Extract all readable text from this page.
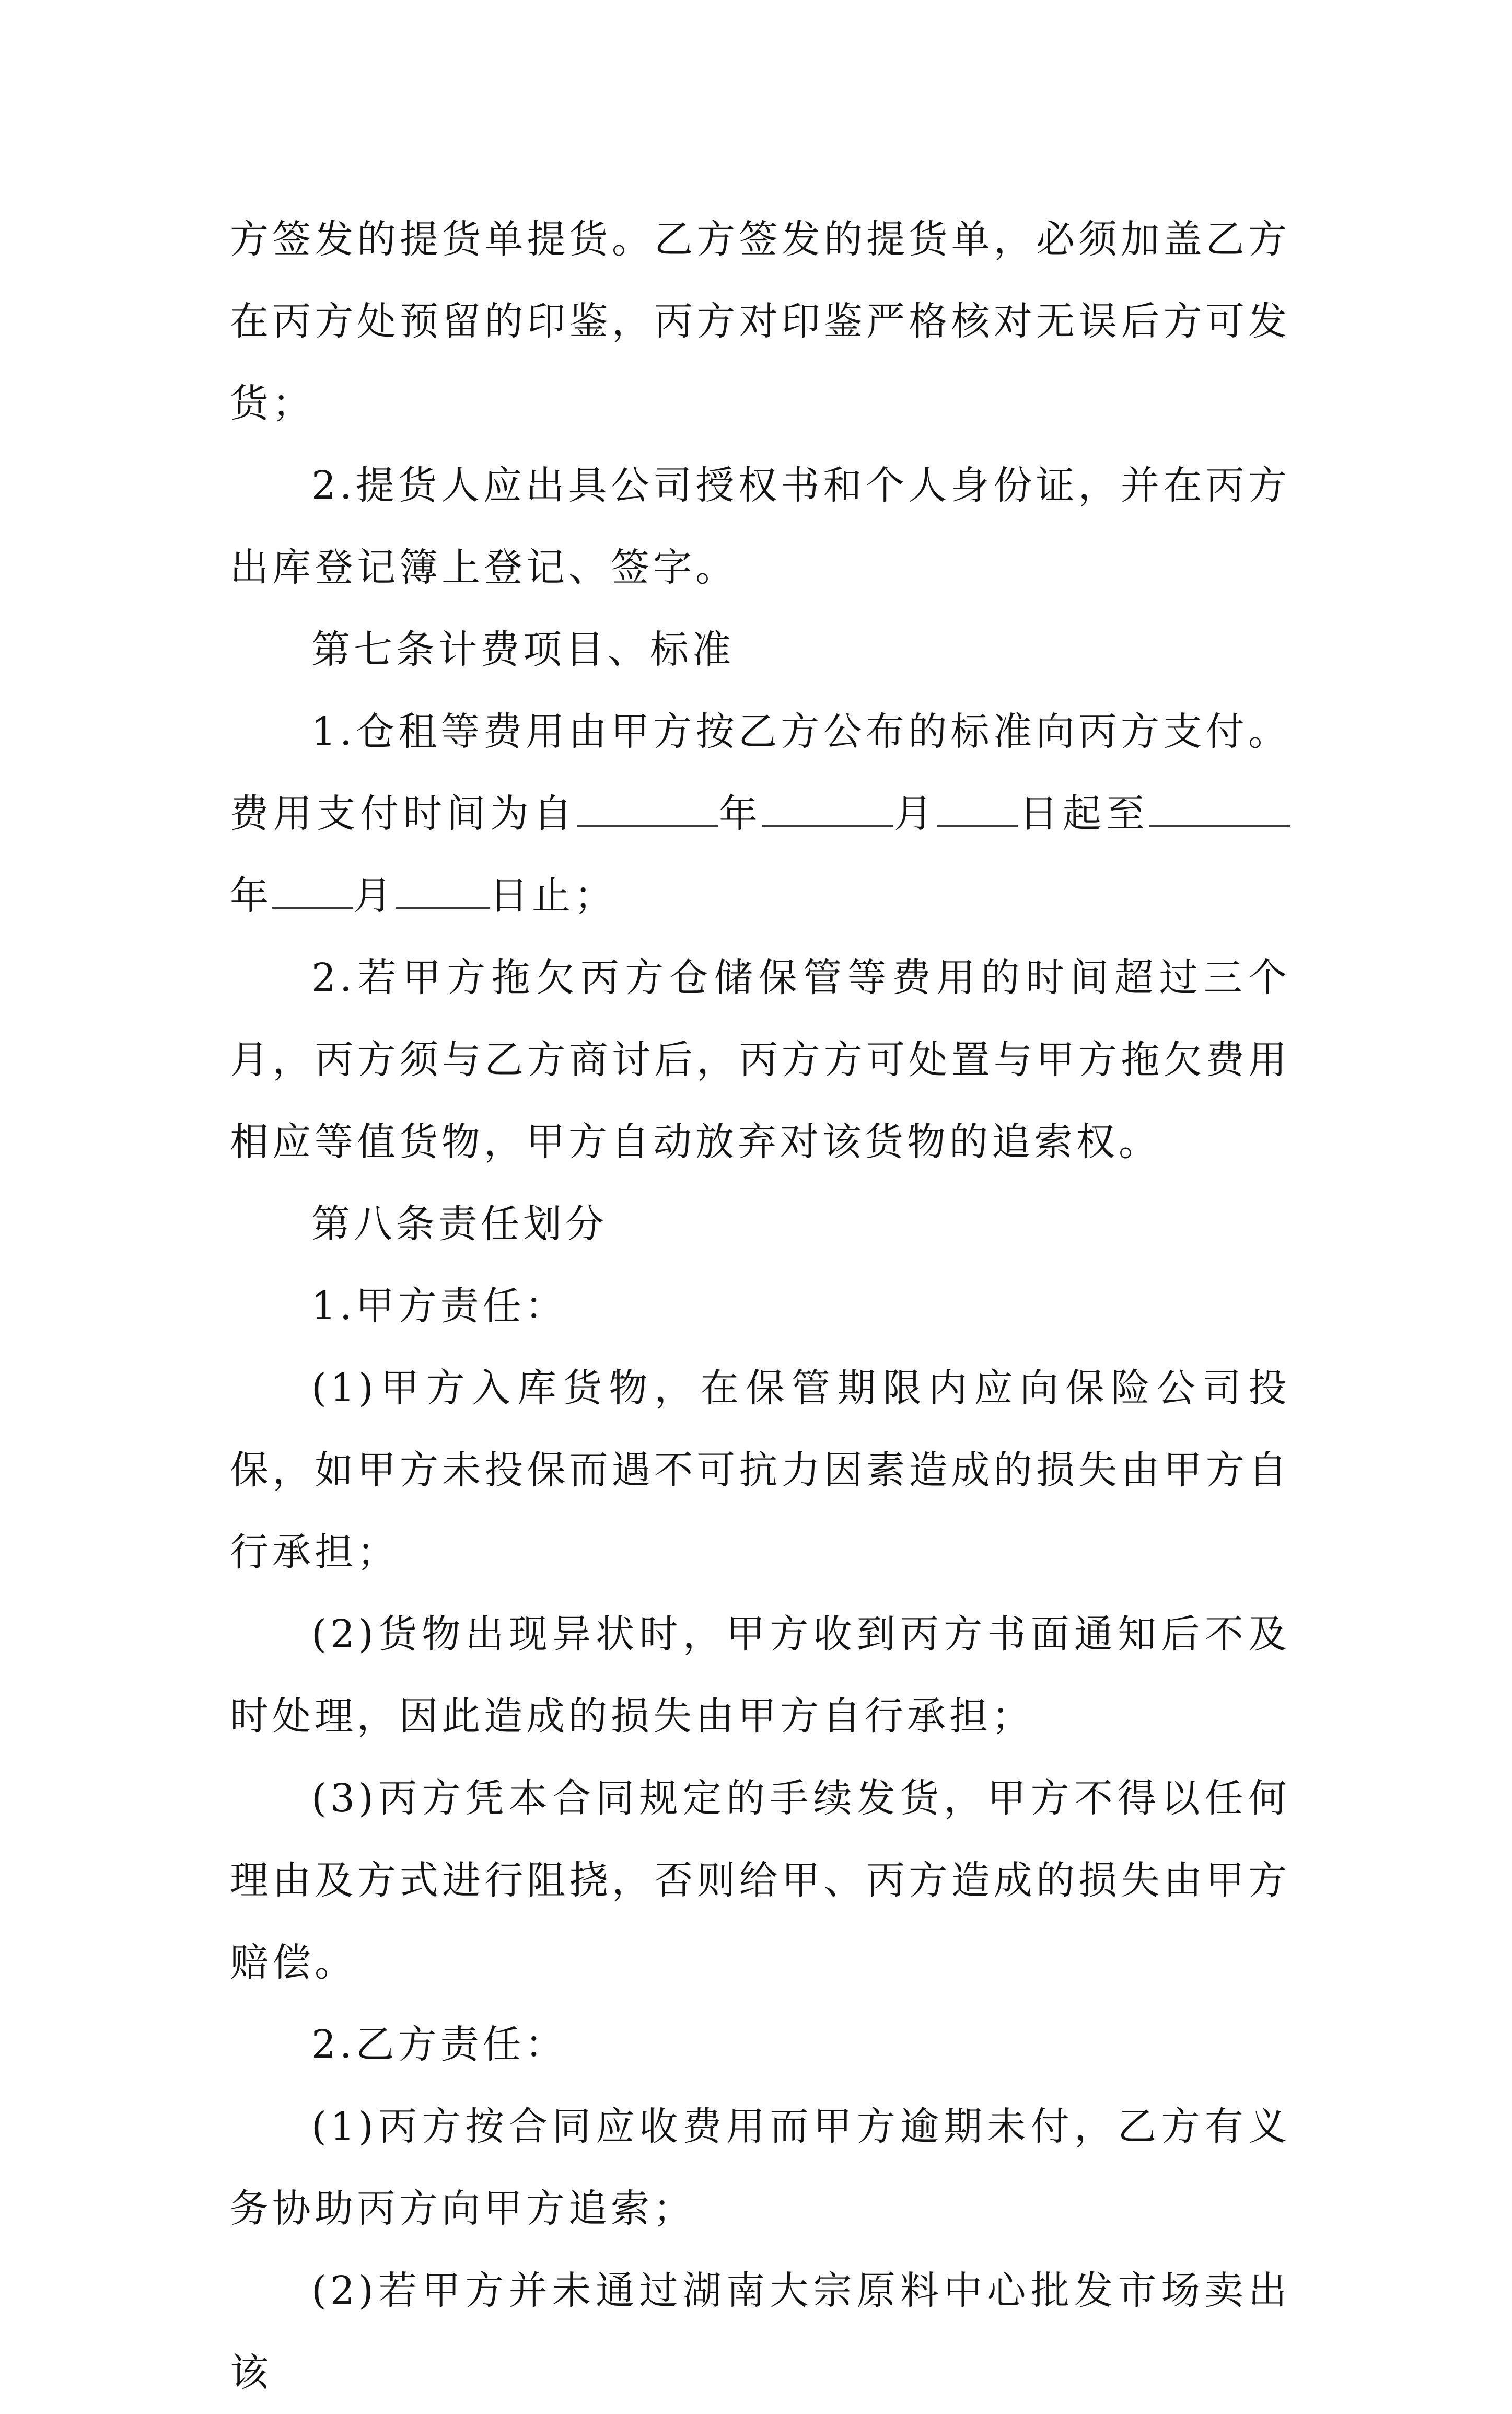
方签发的提货单提货。乙方签发的提货单，必须加盖乙方在丙方处预留的印鉴，丙方对印鉴严格核对无误后方可发货；

2.提货人应出具公司授权书和个人身份证，并在丙方出库登记簿上登记、签字。

第七条计费项目、标准

1.仓租等费用由甲方按乙方公布的标准向丙方支付。费用支付时间为自	年	月 日起至年 月 日止；

2.若甲方拖欠丙方仓储保管等费用的时间超过三个月，丙方须与乙方商讨后，丙方方可处置与甲方拖欠费用相应等值货物，甲方自动放弃对该货物的追索权。

第八条责任划分

1.甲方责任：

(1)甲方入库货物，在保管期限内应向保险公司投保，如甲方未投保而遇不可抗力因素造成的损失由甲方自行承担；

(2)货物出现异状时，甲方收到丙方书面通知后不及时处理，因此造成的损失由甲方自行承担；

(3)丙方凭本合同规定的手续发货，甲方不得以任何理由及方式进行阻挠，否则给甲、丙方造成的损失由甲方赔偿。

2.乙方责任：

(1)丙方按合同应收费用而甲方逾期未付，乙方有义务协助丙方向甲方追索；

(2)若甲方并未通过湖南大宗原料中心批发市场卖出该
